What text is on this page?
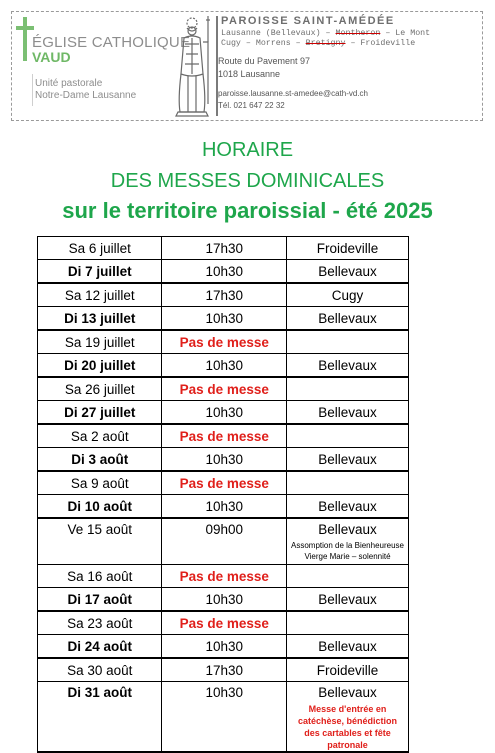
ÉGLISE CATHOLIQUE
VAUD
Unité pastorale
Notre-Dame Lausanne
PAROISSE SAINT-AMÉDÉE
Lausanne (Bellevaux) – Montheron – Le Mont
Cugy – Morrens – Bretigny – Froideville
Route du Pavement 97
1018 Lausanne
paroisse.lausanne.st-amedee@cath-vd.ch
Tél. 021 647 22 32
HORAIRE
DES MESSES DOMINICALES
sur le territoire paroissial - été 2025
Sa 6 juillet	17h30	Froideville
Di 7 juillet	10h30	Bellevaux
Sa 12 juillet	17h30	Cugy
Di 13 juillet	10h30	Bellevaux
Sa 19 juillet	Pas de messe	
Di 20 juillet	10h30	Bellevaux
Sa 26 juillet	Pas de messe	
Di 27 juillet	10h30	Bellevaux
Sa 2 août	Pas de messe	
Di 3 août	10h30	Bellevaux
Sa 9 août	Pas de messe	
Di 10 août	10h30	Bellevaux
Ve 15 août	09h00	Bellevaux
Assomption de la Bienheureuse Vierge Marie – solennité

Sa 16 août	Pas de messe	
Di 17 août	10h30	Bellevaux
Sa 23 août	Pas de messe	
Di 24 août	10h30	Bellevaux
Sa 30 août	17h30	Froideville
Di 31 août	10h30	Bellevaux
Messe d'entrée en catéchèse, bénédiction des cartables et fête patronale
